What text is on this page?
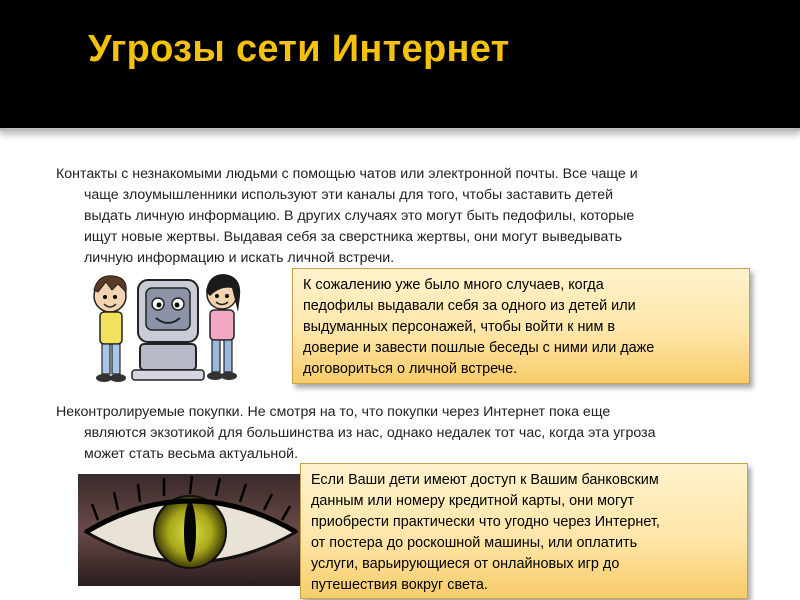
Угрозы сети Интернет
Контакты с незнакомыми людьми с помощью чатов или электронной почты. Все чаще и
чаще злоумышленники используют эти каналы для того, чтобы заставить детей
выдать личную информацию. В других случаях это могут быть педофилы, которые
ищут новые жертвы. Выдавая себя за сверстника жертвы, они могут выведывать
личную информацию и искать личной встречи.
К сожалению уже было много случаев, когда
педофилы выдавали себя за одного из детей или
выдуманных персонажей, чтобы войти к ним в
доверие и завести пошлые беседы с ними или даже
договориться о личной встрече.
Неконтролируемые покупки. Не смотря на то, что покупки через Интернет пока еще
являются экзотикой для большинства из нас, однако недалек тот час, когда эта угроза
может стать весьма актуальной.
Если Ваши дети имеют доступ к Вашим банковским
данным или номеру кредитной карты, они могут
приобрести практически что угодно через Интернет,
от постера до роскошной машины, или оплатить
услуги, варьирующиеся от онлайновых игр до
путешествия вокруг света.
